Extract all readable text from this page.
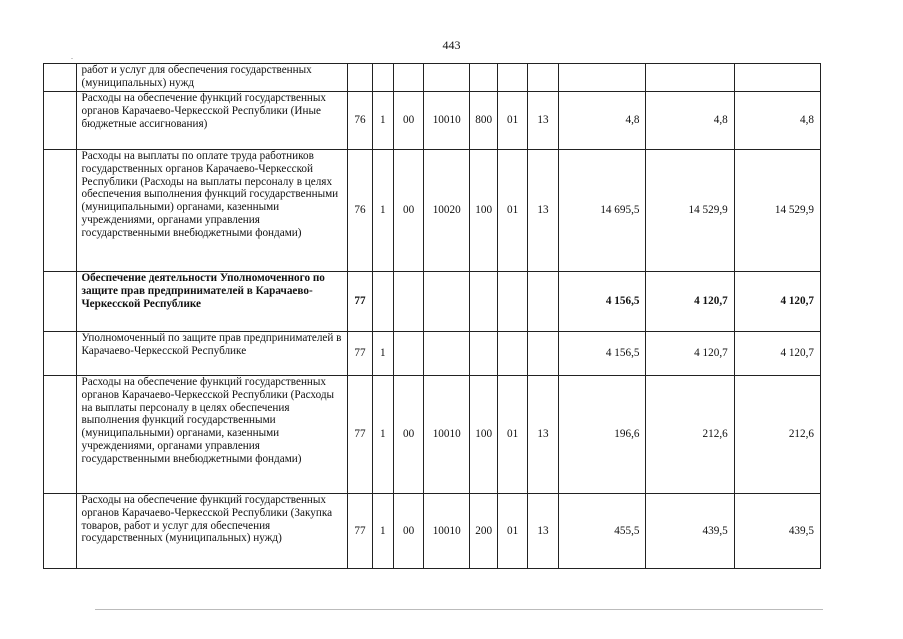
443
.
	работ и услуг для обеспечения государственных (муниципальных) нужд										
	Расходы на обеспечение функций государственных органов Карачаево-Черкесской Республики (Иные бюджетные ассигнования)	76	1	00	10010	800	01	13	4,8	4,8	4,8
	Расходы на выплаты по оплате труда работников государственных органов Карачаево-Черкесской Республики (Расходы на выплаты персоналу в целях обеспечения выполнения функций государственными (муниципальными) органами, казенными учреждениями, органами управления государственными внебюджетными фондами)	76	1	00	10020	100	01	13	14 695,5	14 529,9	14 529,9
	Обеспечение деятельности Уполномоченного по защите прав предпринимателей в Карачаево-Черкесской Республике	77							4 156,5	4 120,7	4 120,7
	Уполномоченный по защите прав предпринимателей в Карачаево-Черкесской Республике	77	1						4 156,5	4 120,7	4 120,7
	Расходы на обеспечение функций государственных органов Карачаево-Черкесской Республики (Расходы на выплаты персоналу в целях обеспечения выполнения функций государственными (муниципальными) органами, казенными учреждениями, органами управления государственными внебюджетными фондами)	77	1	00	10010	100	01	13	196,6	212,6	212,6
	Расходы на обеспечение функций государственных органов Карачаево-Черкесской Республики (Закупка товаров, работ и услуг для обеспечения государственных (муниципальных) нужд)	77	1	00	10010	200	01	13	455,5	439,5	439,5
